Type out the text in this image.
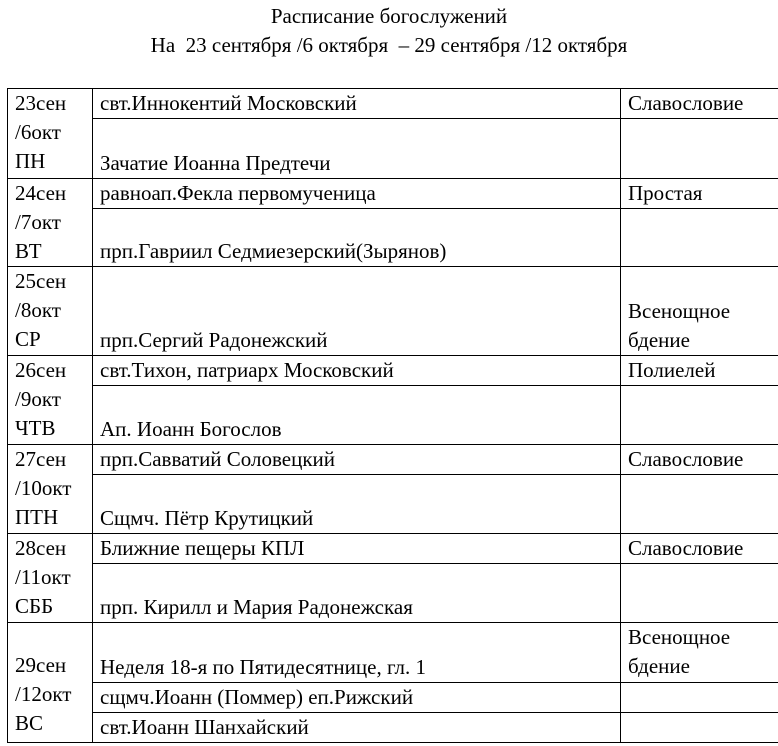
Расписание богослужений
На  23 сентября /6 октября  – 29 сентября /12 октября
23сен
/6окт
ПН	свт.Иннокентий Московский	Славословие

	Зачатие Иоанна Предтечи	

24сен
/7окт
ВТ	равноап.Фекла первомученица	Простая

	прп.Гавриил Седмиезерский(Зырянов)	

25сен
/8окт
СР	прп.Сергий Радонежский	Всенощное
бдение

26сен
/9окт
ЧТВ	свт.Тихон, патриарх Московский	Полиелей

	Ап. Иоанн Богослов	

27сен
/10окт
ПТН	прп.Савватий Соловецкий	Славословие

	Сщмч. Пётр Крутицкий	

28сен
/11окт
СББ	Ближние пещеры КПЛ	Славословие

	прп. Кирилл и Мария Радонежская	

29сен
/12окт
ВС	Неделя 18-я по Пятидесятнице, гл. 1	Всенощное
бдение

	сщмч.Иоанн (Поммер) еп.Рижский	
	свт.Иоанн Шанхайский	
